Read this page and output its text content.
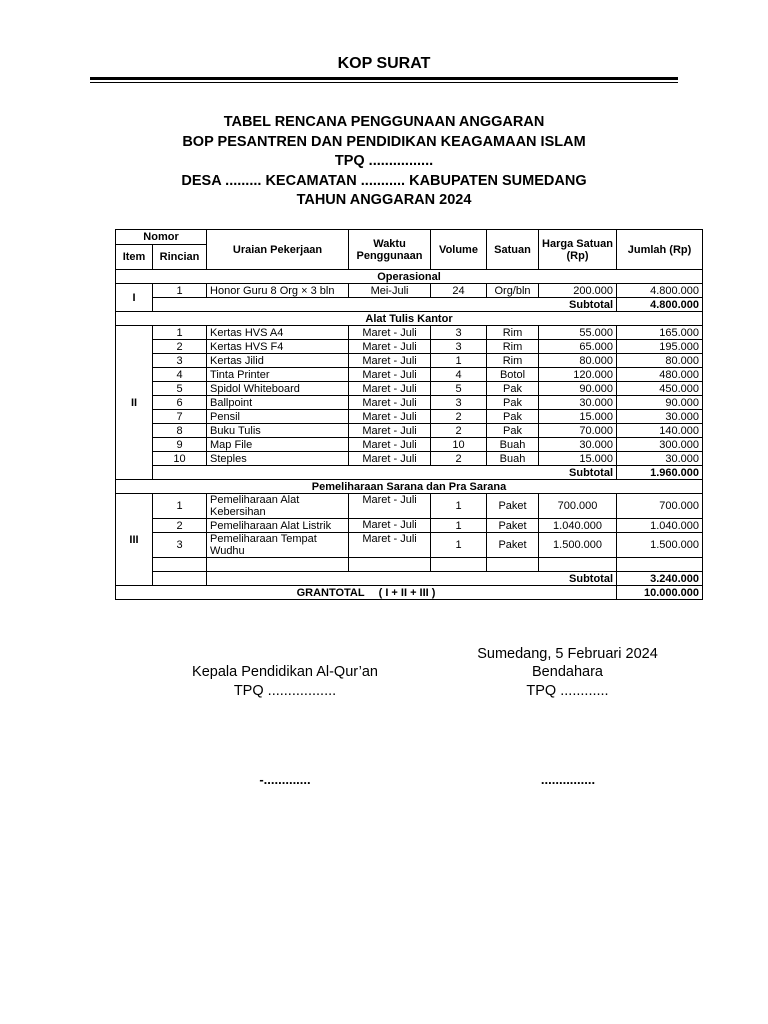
KOP SURAT
TABEL RENCANA PENGGUNAAN ANGGARAN
BOP PESANTREN DAN PENDIDIKAN KEAGAMAAN ISLAM
TPQ ................
DESA ......... KECAMATAN ........... KABUPATEN SUMEDANG
TAHUN ANGGARAN 2024
Nomor		Uraian Pekerjaan	Waktu Penggunaan	Volume	Satuan	Harga Satuan (Rp)	Jumlah (Rp)
Item	Rincian						
Operasional							
I	1	Honor Guru 8 Org × 3 bln	Mei-Juli	24	Org/bln	200.000	4.800.000
	Subtotal						4.800.000
Alat Tulis Kantor							
II	1	Kertas HVS A4	Maret - Juli	3	Rim	55.000	165.000
	2	Kertas HVS F4	Maret - Juli	3	Rim	65.000	195.000
	3	Kertas Jilid	Maret - Juli	1	Rim	80.000	80.000
	4	Tinta Printer	Maret - Juli	4	Botol	120.000	480.000
	5	Spidol Whiteboard	Maret - Juli	5	Pak	90.000	450.000
	6	Ballpoint	Maret - Juli	3	Pak	30.000	90.000
	7	Pensil	Maret - Juli	2	Pak	15.000	30.000
	8	Buku Tulis	Maret - Juli	2	Pak	70.000	140.000
	9	Map File	Maret - Juli	10	Buah	30.000	300.000
	10	Steples	Maret - Juli	2	Buah	15.000	30.000
	Subtotal						1.960.000
Pemeliharaan Sarana dan Pra Sarana							
III	1	Pemeliharaan Alat Kebersihan	Maret - Juli	1	Paket	700.000	700.000
	2	Pemeliharaan Alat Listrik	Maret - Juli	1	Paket	1.040.000	1.040.000
	3	Pemeliharaan Tempat Wudhu	Maret - Juli	1	Paket	1.500.000	1.500.000

		Subtotal					3.240.000
GRANTOTAL ( I + II + III )							10.000.000
Sumedang, 5 Februari 2024
Kepala Pendidikan Al-Qur’an
TPQ .................
Bendahara
TPQ ............
-.............	...............
